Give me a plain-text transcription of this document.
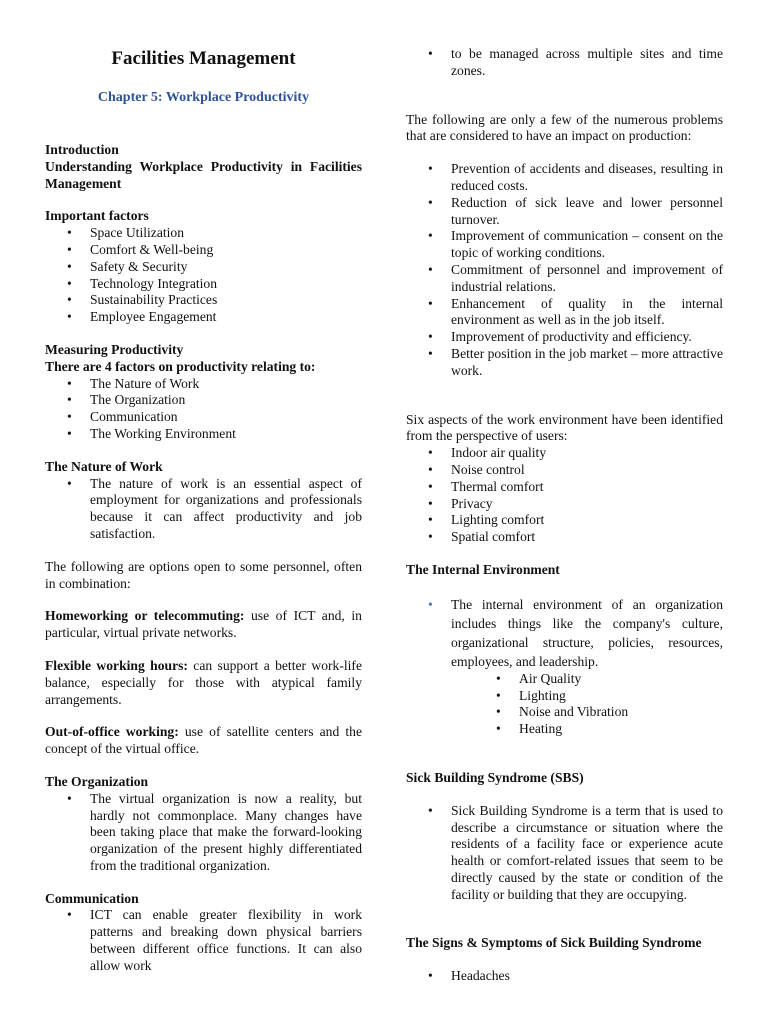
Facilities Management
Chapter 5: Workplace Productivity

Introduction

Understanding Workplace Productivity in Facilities Management

Important factors

• Space Utilization
• Comfort & Well-being
• Safety & Security
• Technology Integration
• Sustainability Practices
• Employee Engagement

Measuring Productivity

There are 4 factors on productivity relating to:

• The Nature of Work
• The Organization
• Communication
• The Working Environment

The Nature of Work

• The nature of work is an essential aspect of employment for organizations and professionals because it can affect productivity and job satisfaction.

The following are options open to some personnel, often in combination:

Homeworking or telecommuting: use of ICT and, in particular, virtual private networks.

Flexible working hours: can support a better work-life balance, especially for those with atypical family arrangements.

Out-of-office working: use of satellite centers and the concept of the virtual office.

The Organization

• The virtual organization is now a reality, but hardly not commonplace. Many changes have been taking place that make the forward-looking organization of the present highly differentiated from the traditional organization.

Communication

• ICT can enable greater flexibility in work patterns and breaking down physical barriers between different office functions. It can also allow work
• to be managed across multiple sites and time zones.

The following are only a few of the numerous problems that are considered to have an impact on production:

• Prevention of accidents and diseases, resulting in reduced costs.
• Reduction of sick leave and lower personnel turnover.
• Improvement of communication – consent on the topic of working conditions.
• Commitment of personnel and improvement of industrial relations.
• Enhancement of quality in the internal environment as well as in the job itself.
• Improvement of productivity and efficiency.
• Better position in the job market – more attractive work.

Six aspects of the work environment have been identified from the perspective of users:

• Indoor air quality
• Noise control
• Thermal comfort
• Privacy
• Lighting comfort
• Spatial comfort

The Internal Environment

• The internal environment of an organization includes things like the company's culture, organizational structure, policies, resources, employees, and leadership.
• Air Quality
• Lighting
• Noise and Vibration
• Heating

Sick Building Syndrome (SBS)

• Sick Building Syndrome is a term that is used to describe a circumstance or situation where the residents of a facility face or experience acute health or comfort-related issues that seem to be directly caused by the state or condition of the facility or building that they are occupying.

The Signs & Symptoms of Sick Building Syndrome

• Headaches
